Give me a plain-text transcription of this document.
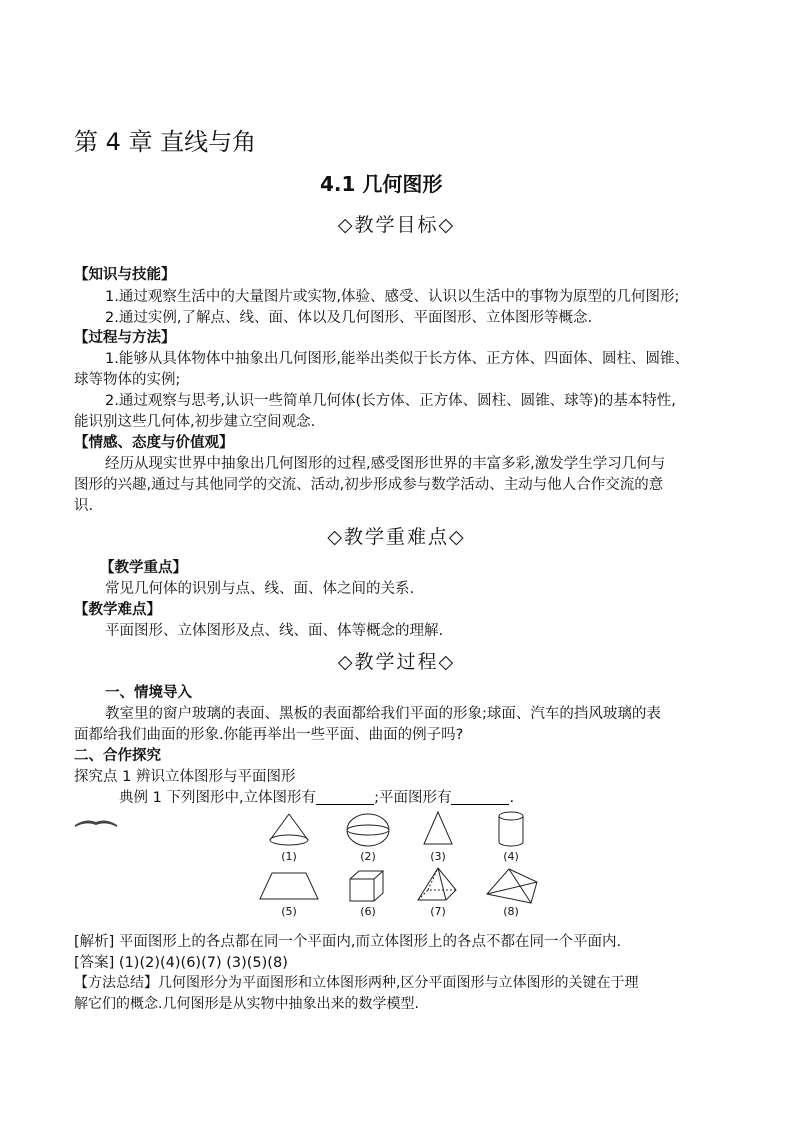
第 4 章 直线与角
4.1 几何图形
◇教学目标◇
【知识与技能】
1.通过观察生活中的大量图片或实物,体验、感受、认识以生活中的事物为原型的几何图形;
2.通过实例,了解点、线、面、体以及几何图形、平面图形、立体图形等概念.
【过程与方法】
1.能够从具体物体中抽象出几何图形,能举出类似于长方体、正方体、四面体、圆柱、圆锥、
球等物体的实例;
2.通过观察与思考,认识一些简单几何体(长方体、正方体、圆柱、圆锥、球等)的基本特性,
能识别这些几何体,初步建立空间观念.
【情感、态度与价值观】
经历从现实世界中抽象出几何图形的过程,感受图形世界的丰富多彩,激发学生学习几何与
图形的兴趣,通过与其他同学的交流、活动,初步形成参与数学活动、主动与他人合作交流的意
识.
◇教学重难点◇
【教学重点】
常见几何体的识别与点、线、面、体之间的关系.
【教学难点】
平面图形、立体图形及点、线、面、体等概念的理解.
◇教学过程◇
一、情境导入
教室里的窗户玻璃的表面、黑板的表面都给我们平面的形象;球面、汽车的挡风玻璃的表
面都给我们曲面的形象.你能再举出一些平面、曲面的例子吗?
二、合作探究
探究点 1 辨识立体图形与平面图形
典例 1 下列图形中,立体图形有	;平面图形有	.
(1)	(2)	(3)	(4)
(5)	(6)	(7)	(8)
[解析] 平面图形上的各点都在同一个平面内,而立体图形上的各点不都在同一个平面内.
[答案] (1)(2)(4)(6)(7) (3)(5)(8)
【方法总结】几何图形分为平面图形和立体图形两种,区分平面图形与立体图形的关键在于理
解它们的概念.几何图形是从实物中抽象出来的数学模型.
